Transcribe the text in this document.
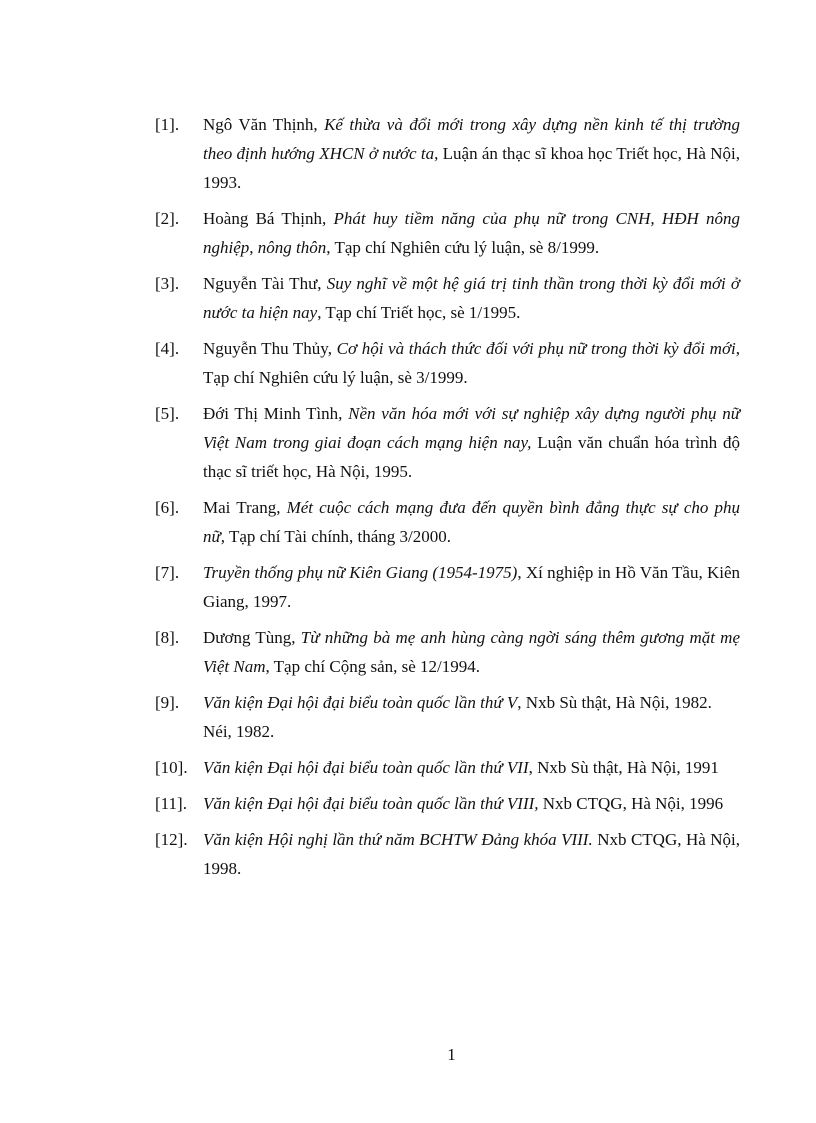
[1].	Ngô Văn Thịnh, Kế thừa và đổi mới trong xây dựng nền kinh tế thị trường theo định hướng XHCN ở nước ta, Luận án thạc sĩ khoa học Triết học, Hà Nội, 1993.
[2].	Hoàng Bá Thịnh, Phát huy tiềm năng của phụ nữ trong CNH, HĐH nông nghiệp, nông thôn, Tạp chí Nghiên cứu lý luận, sè 8/1999.
[3].	Nguyễn Tài Thư, Suy nghĩ về một hệ giá trị tinh thần trong thời kỳ đổi mới ở nước ta hiện nay, Tạp chí Triết học, sè 1/1995.
[4].	Nguyễn Thu Thủy, Cơ hội và thách thức đối với phụ nữ trong thời kỳ đổi mới, Tạp chí Nghiên cứu lý luận, sè 3/1999.
[5].	Đới Thị Minh Tình, Nền văn hóa mới với sự nghiệp xây dựng người phụ nữ Việt Nam trong giai đoạn cách mạng hiện nay, Luận văn chuẩn hóa trình độ thạc sĩ triết học, Hà Nội, 1995.
[6].	Mai Trang, Mét cuộc cách mạng đưa đến quyền bình đẳng thực sự cho phụ nữ, Tạp chí Tài chính, tháng 3/2000.
[7].	Truyền thống phụ nữ Kiên Giang (1954-1975), Xí nghiệp in Hồ Văn Tầu, Kiên Giang, 1997.
[8].	Dương Tùng, Từ những bà mẹ anh hùng càng ngời sáng thêm gương mặt mẹ Việt Nam, Tạp chí Cộng sản, sè 12/1994.
[9].	Văn kiện Đại hội đại biểu toàn quốc lần thứ V, Nxb Sù thật, Hà Nội, 1982.
Néi, 1982.
[10]. Văn kiện Đại hội đại biểu toàn quốc lần thứ VII, Nxb Sù thật, Hà Nội, 1991
[11]. Văn kiện Đại hội đại biểu toàn quốc lần thứ VIII, Nxb CTQG, Hà Nội, 1996
[12]. Văn kiện Hội nghị lần thứ năm BCHTW Đảng khóa VIII. Nxb CTQG, Hà Nội, 1998.
1
